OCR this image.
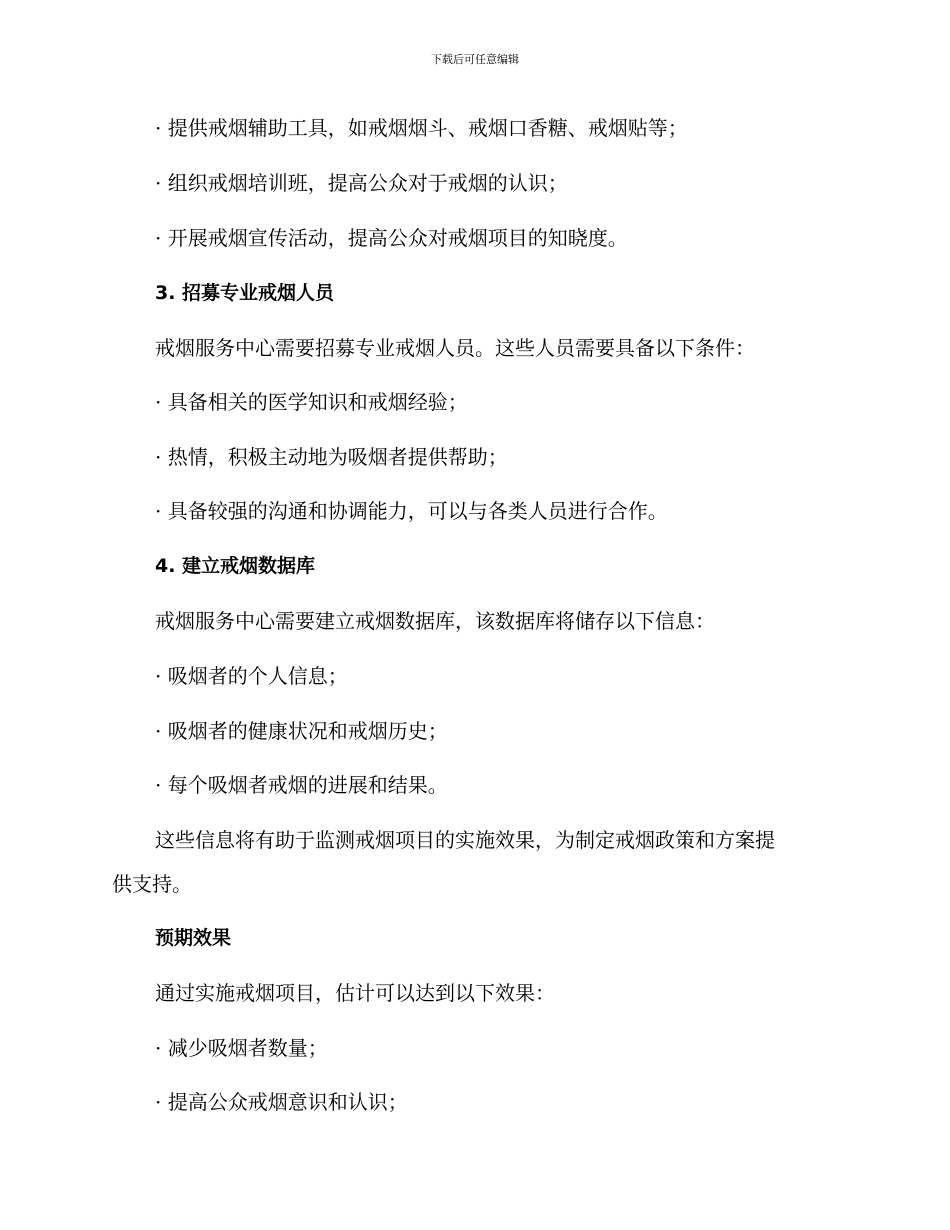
下载后可任意编辑
· 提供戒烟辅助工具，如戒烟烟斗、戒烟口香糖、戒烟贴等；
· 组织戒烟培训班，提高公众对于戒烟的认识；
· 开展戒烟宣传活动，提高公众对戒烟项目的知晓度。
3. 招募专业戒烟人员
戒烟服务中心需要招募专业戒烟人员。这些人员需要具备以下条件：
· 具备相关的医学知识和戒烟经验；
· 热情，积极主动地为吸烟者提供帮助；
· 具备较强的沟通和协调能力，可以与各类人员进行合作。
4. 建立戒烟数据库
戒烟服务中心需要建立戒烟数据库，该数据库将储存以下信息：
· 吸烟者的个人信息；
· 吸烟者的健康状况和戒烟历史；
· 每个吸烟者戒烟的进展和结果。
这些信息将有助于监测戒烟项目的实施效果，为制定戒烟政策和方案提
供支持。
预期效果
通过实施戒烟项目，估计可以达到以下效果：
· 减少吸烟者数量；
· 提高公众戒烟意识和认识；
